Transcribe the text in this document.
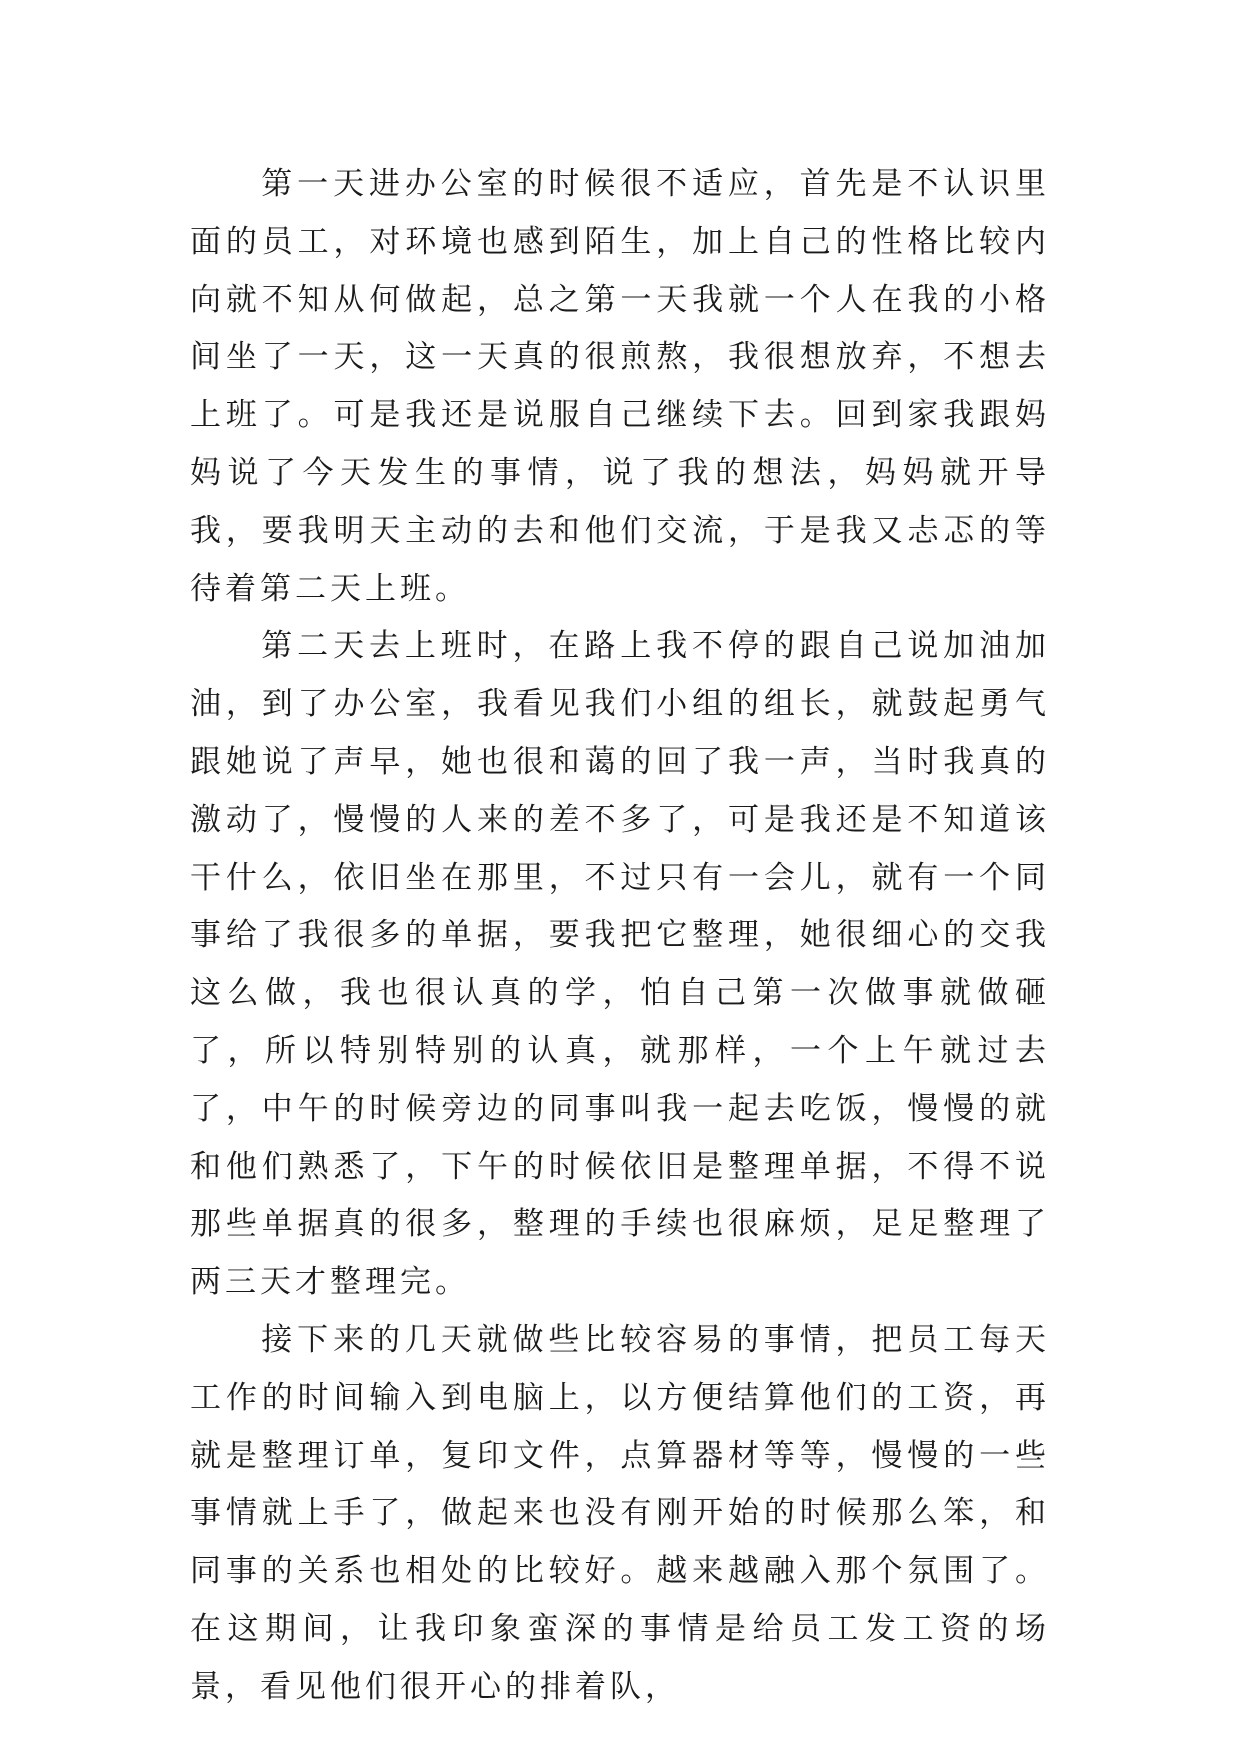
第一天进办公室的时候很不适应，首先是不认识里面的员工，对环境也感到陌生，加上自己的性格比较内向就不知从何做起，总之第一天我就一个人在我的小格间坐了一天，这一天真的很煎熬，我很想放弃，不想去上班了。可是我还是说服自己继续下去。回到家我跟妈妈说了今天发生的事情，说了我的想法，妈妈就开导我，要我明天主动的去和他们交流，于是我又忐忑的等待着第二天上班。

第二天去上班时，在路上我不停的跟自己说加油加油，到了办公室，我看见我们小组的组长，就鼓起勇气跟她说了声早，她也很和蔼的回了我一声，当时我真的激动了，慢慢的人来的差不多了，可是我还是不知道该干什么，依旧坐在那里，不过只有一会儿，就有一个同事给了我很多的单据，要我把它整理，她很细心的交我这么做，我也很认真的学，怕自己第一次做事就做砸了，所以特别特别的认真，就那样，一个上午就过去了，中午的时候旁边的同事叫我一起去吃饭，慢慢的就和他们熟悉了，下午的时候依旧是整理单据，不得不说那些单据真的很多，整理的手续也很麻烦，足足整理了两三天才整理完。

接下来的几天就做些比较容易的事情，把员工每天工作的时间输入到电脑上，以方便结算他们的工资，再就是整理订单，复印文件，点算器材等等，慢慢的一些事情就上手了，做起来也没有刚开始的时候那么笨，和同事的关系也相处的比较好。越来越融入那个氛围了。在这期间，让我印象蛮深的事情是给员工发工资的场景，看见他们很开心的排着队，
